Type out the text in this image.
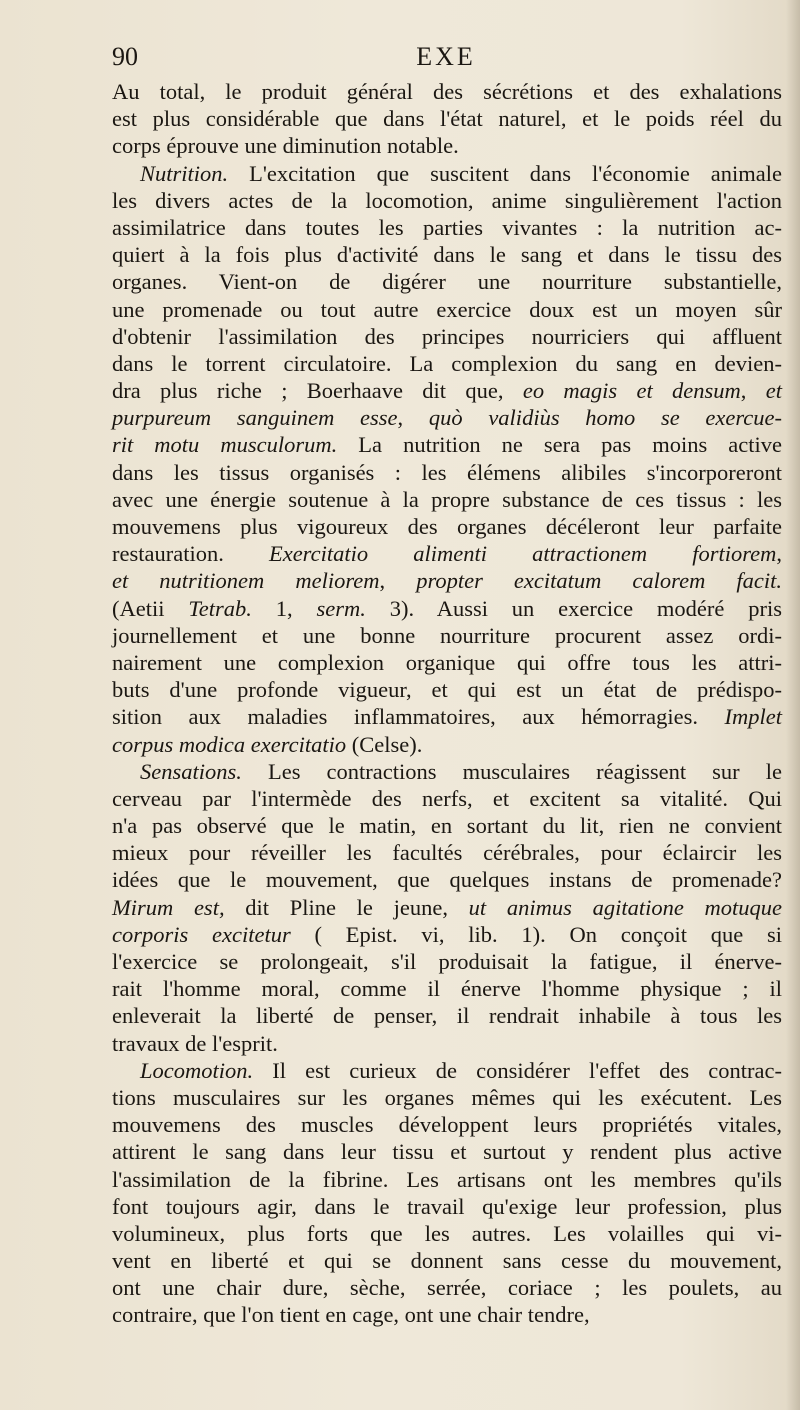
EXE
90
Au total, le produit général des sécrétions et des exhalations
est plus considérable que dans l'état naturel, et le poids réel du
corps éprouve une diminution notable.
Nutrition. L'excitation que suscitent dans l'économie animale
les divers actes de la locomotion, anime singulièrement l'action
assimilatrice dans toutes les parties vivantes : la nutrition ac-
quiert à la fois plus d'activité dans le sang et dans le tissu des
organes. Vient-on de digérer une nourriture substantielle,
une promenade ou tout autre exercice doux est un moyen sûr
d'obtenir l'assimilation des principes nourriciers qui affluent
dans le torrent circulatoire. La complexion du sang en devien-
dra plus riche ; Boerhaave dit que, eo magis et densum, et
purpureum sanguinem esse, quò validiùs homo se exercue-
rit motu musculorum. La nutrition ne sera pas moins active
dans les tissus organisés : les élémens alibiles s'incorporeront
avec une énergie soutenue à la propre substance de ces tissus : les
mouvemens plus vigoureux des organes décéleront leur parfaite
restauration. Exercitatio alimenti attractionem fortiorem,
et nutritionem meliorem, propter excitatum calorem facit.
(Aetii Tetrab. 1, serm. 3). Aussi un exercice modéré pris
journellement et une bonne nourriture procurent assez ordi-
nairement une complexion organique qui offre tous les attri-
buts d'une profonde vigueur, et qui est un état de prédispo-
sition aux maladies inflammatoires, aux hémorragies. Implet
corpus modica exercitatio (Celse).
Sensations. Les contractions musculaires réagissent sur le
cerveau par l'intermède des nerfs, et excitent sa vitalité. Qui
n'a pas observé que le matin, en sortant du lit, rien ne convient
mieux pour réveiller les facultés cérébrales, pour éclaircir les
idées que le mouvement, que quelques instans de promenade?
Mirum est, dit Pline le jeune, ut animus agitatione motuque
corporis excitetur ( Epist. vi, lib. 1). On conçoit que si
l'exercice se prolongeait, s'il produisait la fatigue, il énerve-
rait l'homme moral, comme il énerve l'homme physique ; il
enleverait la liberté de penser, il rendrait inhabile à tous les
travaux de l'esprit.
Locomotion. Il est curieux de considérer l'effet des contrac-
tions musculaires sur les organes mêmes qui les exécutent. Les
mouvemens des muscles développent leurs propriétés vitales,
attirent le sang dans leur tissu et surtout y rendent plus active
l'assimilation de la fibrine. Les artisans ont les membres qu'ils
font toujours agir, dans le travail qu'exige leur profession, plus
volumineux, plus forts que les autres. Les volailles qui vi-
vent en liberté et qui se donnent sans cesse du mouvement,
ont une chair dure, sèche, serrée, coriace ; les poulets, au
contraire, que l'on tient en cage, ont une chair tendre,
